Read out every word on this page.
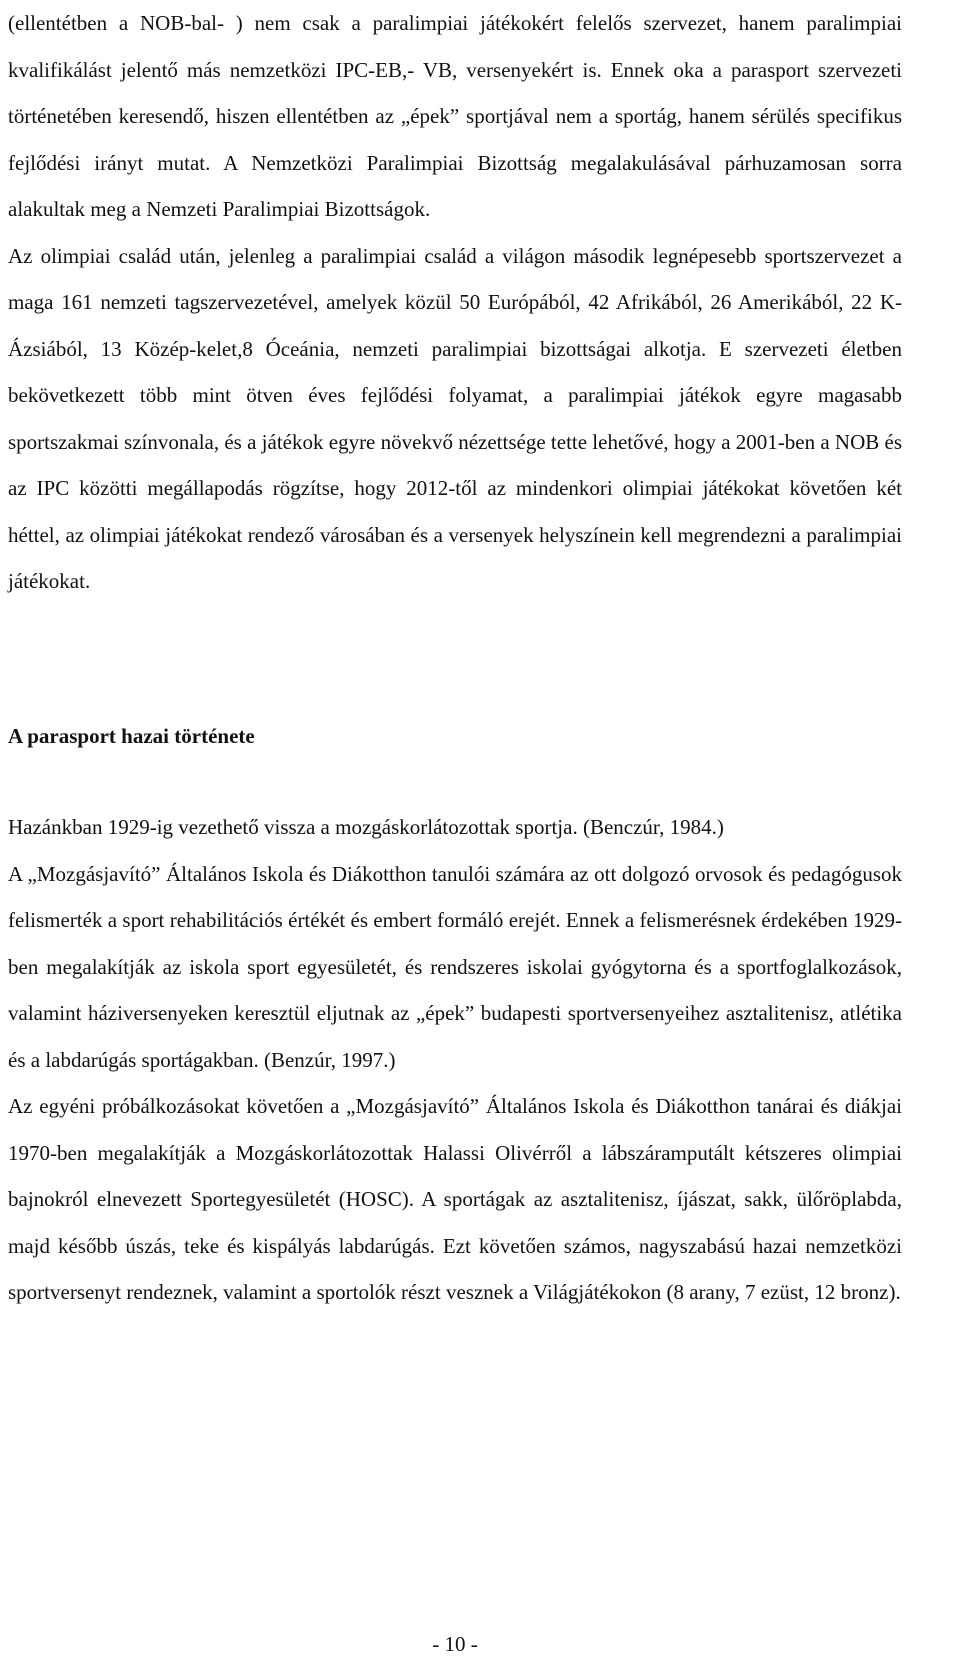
(ellentétben a NOB-bal- ) nem csak a paralimpiai játékokért felelős szervezet, hanem paralimpiai kvalifikálást jelentő más nemzetközi IPC-EB,- VB, versenyekért is. Ennek oka a parasport szervezeti történetében keresendő, hiszen ellentétben az „épek” sportjával nem a sportág, hanem sérülés specifikus fejlődési irányt mutat. A Nemzetközi Paralimpiai Bizottság megalakulásával párhuzamosan sorra alakultak meg a Nemzeti Paralimpiai Bizottságok.

Az olimpiai család után, jelenleg a paralimpiai család a világon második legnépesebb sportszervezet a maga 161 nemzeti tagszervezetével, amelyek közül 50 Európából, 42 Afrikából, 26 Amerikából, 22 K-Ázsiából, 13 Közép-kelet,8 Óceánia, nemzeti paralimpiai bizottságai alkotja. E szervezeti életben bekövetkezett több mint ötven éves fejlődési folyamat, a paralimpiai játékok egyre magasabb sportszakmai színvonala, és a játékok egyre növekvő nézettsége tette lehetővé, hogy a 2001-ben a NOB és az IPC közötti megállapodás rögzítse, hogy 2012-től az mindenkori olimpiai játékokat követően két héttel, az olimpiai játékokat rendező városában és a versenyek helyszínein kell megrendezni a paralimpiai játékokat.

A parasport hazai története

Hazánkban 1929-ig vezethető vissza a mozgáskorlátozottak sportja. (Benczúr, 1984.)

A „Mozgásjavító” Általános Iskola és Diákotthon tanulói számára az ott dolgozó orvosok és pedagógusok felismerték a sport rehabilitációs értékét és embert formáló erejét. Ennek a felismerésnek érdekében 1929-ben megalakítják az iskola sport egyesületét, és rendszeres iskolai gyógytorna és a sportfoglalkozások, valamint háziversenyeken keresztül eljutnak az „épek” budapesti sportversenyeihez asztalitenisz, atlétika és a labdarúgás sportágakban. (Benzúr, 1997.)

Az egyéni próbálkozásokat követően a „Mozgásjavító” Általános Iskola és Diákotthon tanárai és diákjai 1970-ben megalakítják a Mozgáskorlátozottak Halassi Olivérről a lábszáramputált kétszeres olimpiai bajnokról elnevezett Sportegyesületét (HOSC). A sportágak az asztalitenisz, íjászat, sakk, ülőröplabda, majd később úszás, teke és kispályás labdarúgás. Ezt követően számos, nagyszabású hazai nemzetközi sportversenyt rendeznek, valamint a sportolók részt vesznek a Világjátékokon (8 arany, 7 ezüst, 12 bronz).

- 10 -
